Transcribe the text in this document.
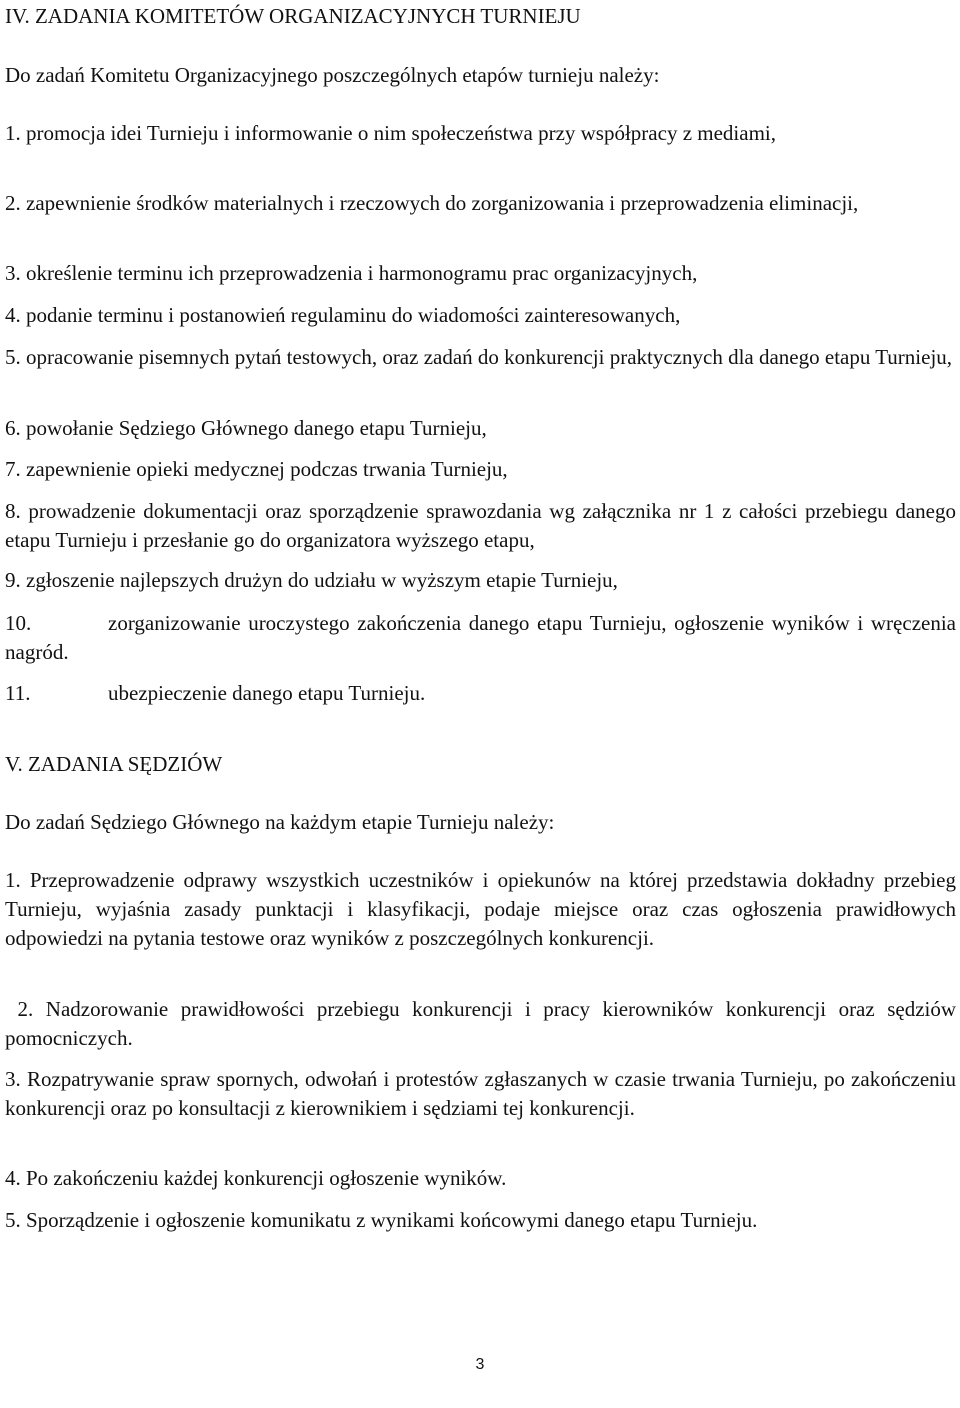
IV. ZADANIA KOMITETÓW ORGANIZACYJNYCH TURNIEJU

Do zadań Komitetu Organizacyjnego poszczególnych etapów turnieju należy:

1. promocja idei Turnieju i informowanie o nim społeczeństwa przy współpracy z mediami,

2. zapewnienie środków materialnych i rzeczowych do zorganizowania i przeprowadzenia eliminacji,

3. określenie terminu ich przeprowadzenia i harmonogramu prac organizacyjnych,

4. podanie terminu i postanowień regulaminu do wiadomości zainteresowanych,

5. opracowanie pisemnych pytań testowych, oraz zadań do konkurencji praktycznych dla danego etapu Turnieju,

6. powołanie Sędziego Głównego danego etapu Turnieju,

7. zapewnienie opieki medycznej podczas trwania Turnieju,

8. prowadzenie dokumentacji oraz sporządzenie sprawozdania wg załącznika nr 1 z całości przebiegu danego etapu Turnieju i przesłanie go do organizatora wyższego etapu,

9. zgłoszenie najlepszych drużyn do udziału w wyższym etapie Turnieju,

10.	zorganizowanie uroczystego zakończenia danego etapu Turnieju, ogłoszenie wyników i wręczenia nagród.

11.	ubezpieczenie danego etapu Turnieju.

V. ZADANIA SĘDZIÓW

Do zadań Sędziego Głównego na każdym etapie Turnieju należy:

1. Przeprowadzenie odprawy wszystkich uczestników i opiekunów na której przedstawia dokładny przebieg Turnieju, wyjaśnia zasady punktacji i klasyfikacji, podaje miejsce oraz czas ogłoszenia prawidłowych odpowiedzi na pytania testowe oraz wyników z poszczególnych konkurencji.

2. Nadzorowanie prawidłowości przebiegu konkurencji i pracy kierowników konkurencji oraz sędziów pomocniczych.

3. Rozpatrywanie spraw spornych, odwołań i protestów zgłaszanych w czasie trwania Turnieju, po zakończeniu konkurencji oraz po konsultacji z kierownikiem i sędziami tej konkurencji.

4. Po zakończeniu każdej konkurencji ogłoszenie wyników.

5. Sporządzenie i ogłoszenie komunikatu z wynikami końcowymi danego etapu Turnieju.

3
